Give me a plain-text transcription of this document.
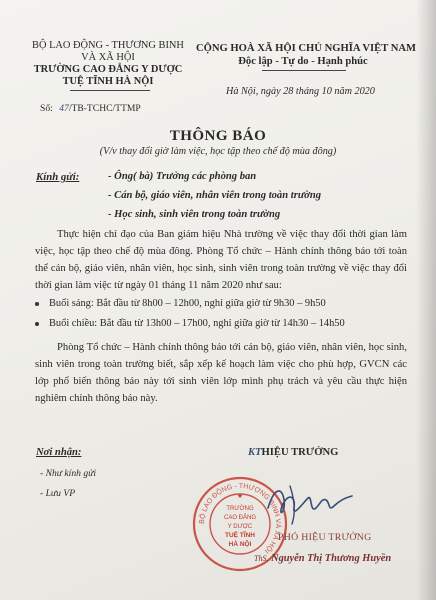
BỘ LAO ĐỘNG - THƯƠNG BINH
VÀ XÃ HỘI
TRƯỜNG CAO ĐẲNG Y DƯỢC
TUỆ TĨNH HÀ NỘI
Số: 47/TB-TCHC/TTMP
CỘNG HOÀ XÃ HỘI CHỦ NGHĨA VIỆT NAM
Độc lập - Tự do - Hạnh phúc
Hà Nội, ngày 28 tháng 10 năm 2020
THÔNG BÁO
(V/v thay đổi giờ làm việc, học tập theo chế độ mùa đông)
Kính gửi:	- Ông( bà) Trưởng các phòng ban
- Cán bộ, giáo viên, nhân viên trong toàn trường
- Học sinh, sinh viên trong toàn trường

Thực hiện chỉ đạo của Ban giám hiệu Nhà trường về việc thay đổi thời gian làm việc, học tập theo chế độ mùa đông. Phòng Tổ chức – Hành chính thông báo tới toàn thể cán bộ, giáo viên, nhân viên, học sinh, sinh viên trong toàn trường về việc thay đổi thời gian làm việc từ ngày 01 tháng 11 năm 2020 như sau:

Buổi sáng: Bắt đầu từ 8h00 – 12h00, nghỉ giữa giờ từ 9h30 – 9h50
Buổi chiều: Bắt đầu từ 13h00 – 17h00, nghỉ giữa giờ từ 14h30 – 14h50

Phòng Tổ chức – Hành chính thông báo tới cán bộ, giáo viên, nhân viên, học sinh, sinh viên trong toàn trường biết, sắp xếp kế hoạch làm việc cho phù hợp, GVCN các lớp phổ biến thông báo này tới sinh viên lớp mình phụ trách và yêu cầu thực hiện nghiêm chỉnh thông báo này.

Nơi nhận:
- Như kính gửi
- Lưu VP
KTHIỆU TRƯỞNG
BỘ LAO ĐỘNG - THƯƠNG BINH VÀ XÃ HỘI
TRƯỜNG
CAO ĐẲNG
Y DƯỢC
TUỆ TĨNH
HÀ NỘI
★
PHÓ HIỆU TRƯỞNG
ThS. Nguyễn Thị Thương Huyền
